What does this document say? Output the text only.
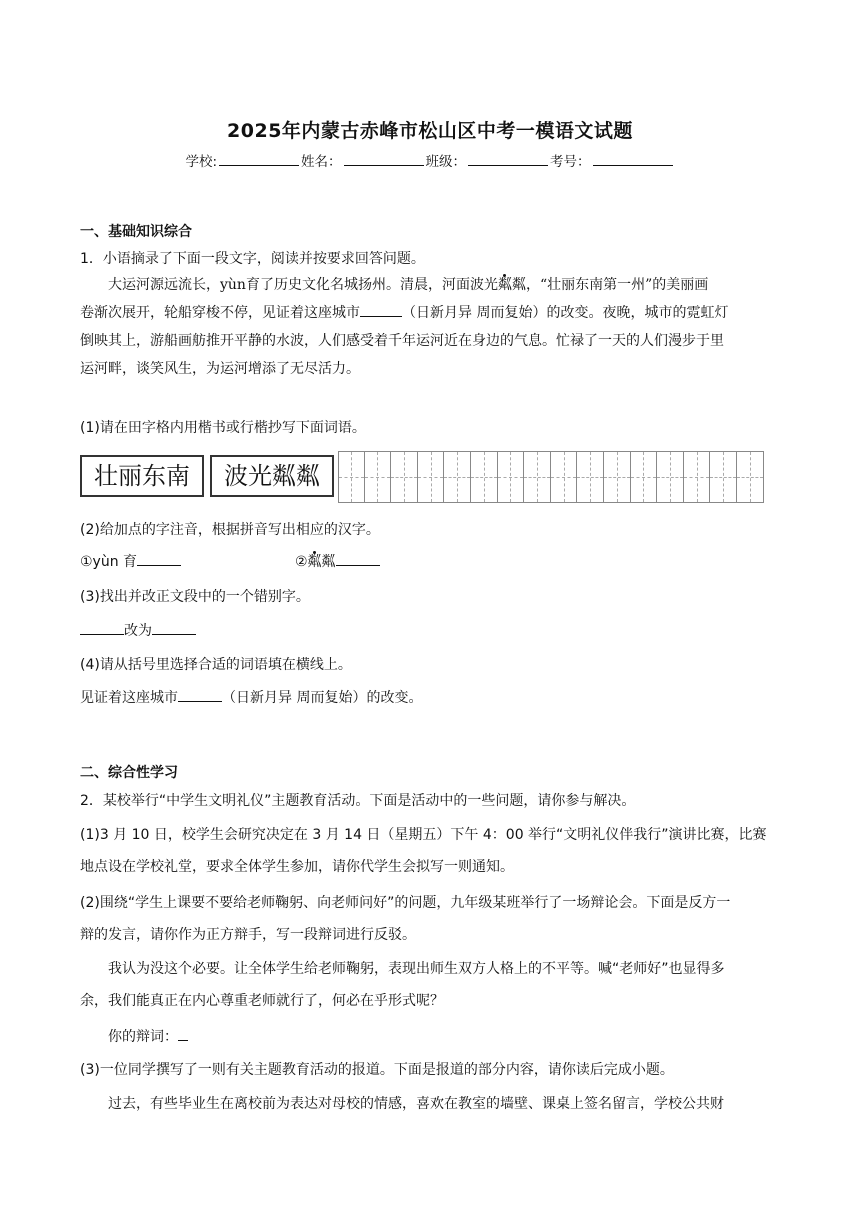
2025年内蒙古赤峰市松山区中考一模语文试题
学校:	姓名：	班级：	考号：
一、基础知识综合
1．小语摘录了下面一段文字，阅读并按要求回答问题。
大运河源远流长，yùn育了历史文化名城扬州。清晨，河面波光粼粼，“壮丽东南第一州”的美丽画
卷渐次展开，轮船穿梭不停，见证着这座城市	（日新月异 周而复始）的改变。夜晚，城市的霓虹灯
倒映其上，游船画舫推开平静的水波，人们感受着千年运河近在身边的气息。忙禄了一天的人们漫步于里
运河畔，谈笑风生，为运河增添了无尽活力。
(1)请在田字格内用楷书或行楷抄写下面词语。
壮丽东南	波光粼粼
(2)给加点的字注音，根据拼音写出相应的汉字。
①yùn 育	②粼粼
(3)找出并改正文段中的一个错别字。
改为
(4)请从括号里选择合适的词语填在横线上。
见证着这座城市	（日新月异 周而复始）的改变。
二、综合性学习
2．某校举行“中学生文明礼仪”主题教育活动。下面是活动中的一些问题，请你参与解决。
(1)3 月 10 日，校学生会研究决定在 3 月 14 日（星期五）下午 4：00 举行“文明礼仪伴我行”演讲比赛，比赛
地点设在学校礼堂，要求全体学生参加，请你代学生会拟写一则通知。
(2)围绕“学生上课要不要给老师鞠躬、向老师问好”的问题，九年级某班举行了一场辩论会。下面是反方一
辩的发言，请你作为正方辩手，写一段辩词进行反驳。
我认为没这个必要。让全体学生给老师鞠躬，表现出师生双方人格上的不平等。喊“老师好”也显得多
余，我们能真正在内心尊重老师就行了，何必在乎形式呢？
你的辩词：
(3)一位同学撰写了一则有关主题教育活动的报道。下面是报道的部分内容，请你读后完成小题。
过去，有些毕业生在离校前为表达对母校的情感，喜欢在教室的墙壁、课桌上签名留言，学校公共财
